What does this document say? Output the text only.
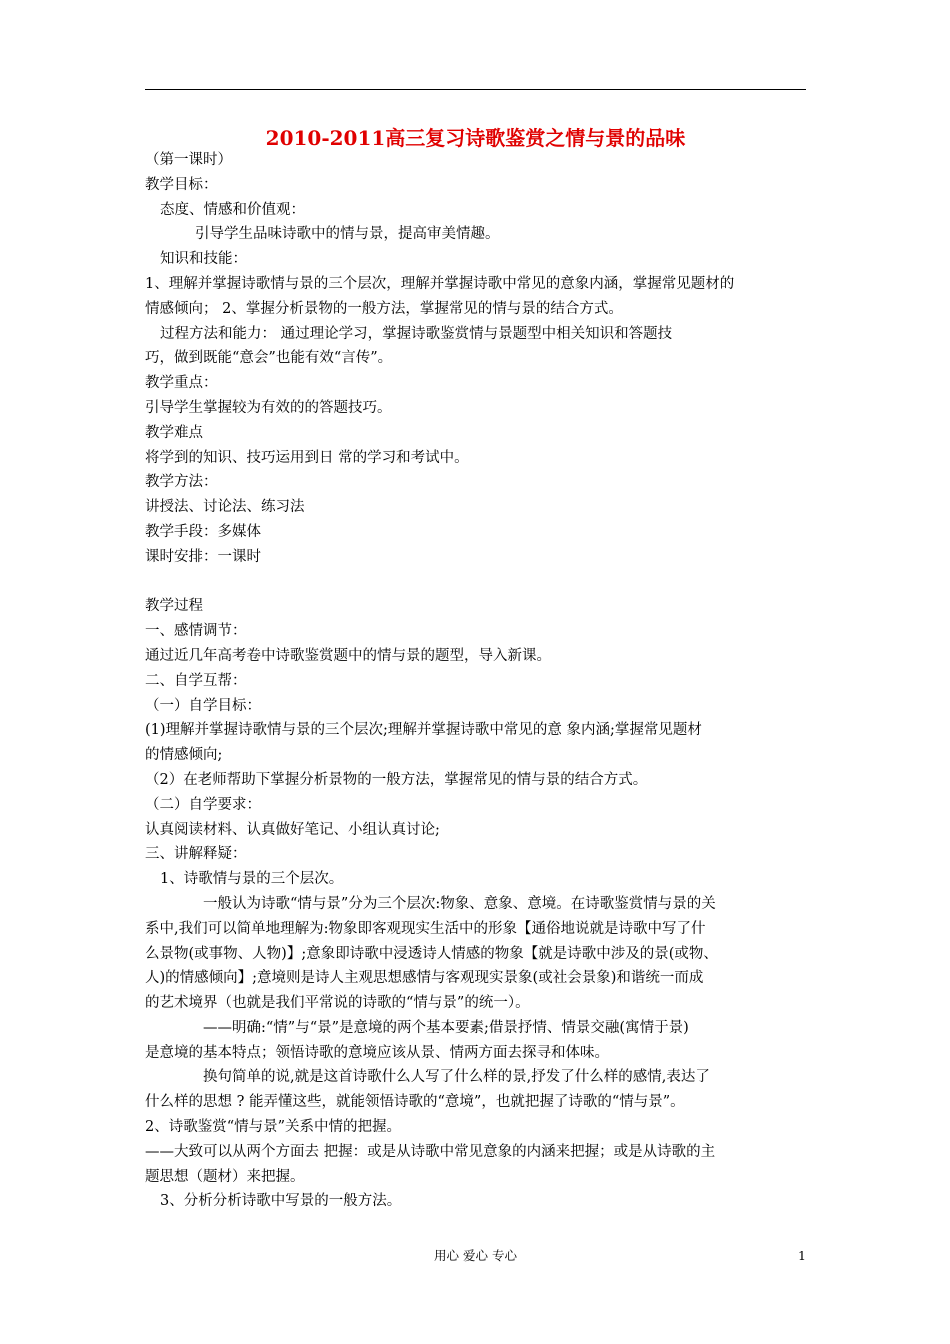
2010-2011高三复习诗歌鉴赏之情与景的品味
（第一课时）
教学目标：
态度、情感和价值观：
引导学生品味诗歌中的情与景，提高审美情趣。
知识和技能：
1、理解并掌握诗歌情与景的三个层次，理解并掌握诗歌中常见的意象内涵，掌握常见题材的
情感倾向； 2、掌握分析景物的一般方法，掌握常见的情与景的结合方式。
过程方法和能力： 通过理论学习，掌握诗歌鉴赏情与景题型中相关知识和答题技
巧，做到既能“意会”也能有效“言传”。
教学重点：
引导学生掌握较为有效的的答题技巧。
教学难点
将学到的知识、技巧运用到日 常的学习和考试中。
教学方法：
讲授法、讨论法、练习法
教学手段：多媒体
课时安排：一课时
教学过程
一、感情调节：
通过近几年高考卷中诗歌鉴赏题中的情与景的题型，导入新课。
二、自学互帮：
（一）自学目标：
(1)理解并掌握诗歌情与景的三个层次;理解并掌握诗歌中常见的意 象内涵;掌握常见题材
的情感倾向;
（2）在老师帮助下掌握分析景物的一般方法，掌握常见的情与景的结合方式。
（二）自学要求：
认真阅读材料、认真做好笔记、小组认真讨论;
三、讲解释疑：
1、诗歌情与景的三个层次。
一般认为诗歌“情与景”分为三个层次:物象、意象、意境。在诗歌鉴赏情与景的关
系中,我们可以简单地理解为:物象即客观现实生活中的形象【通俗地说就是诗歌中写了什
么景物(或事物、人物)】;意象即诗歌中浸透诗人情感的物象【就是诗歌中涉及的景(或物、
人)的情感倾向】;意境则是诗人主观思想感情与客观现实景象(或社会景象)和谐统一而成
的艺术境界（也就是我们平常说的诗歌的“情与景”的统一）。
——明确:“情”与“景”是意境的两个基本要素;借景抒情、情景交融(寓情于景)
是意境的基本特点；领悟诗歌的意境应该从景、情两方面去探寻和体味。
换句简单的说,就是这首诗歌什么人写了什么样的景,抒发了什么样的感情,表达了
什么样的思想 ? 能弄懂这些，就能领悟诗歌的“意境”，也就把握了诗歌的“情与景”。
2、诗歌鉴赏“情与景”关系中情的把握。
——大致可以从两个方面去 把握：或是从诗歌中常见意象的内涵来把握；或是从诗歌的主
题思想（题材）来把握。
3、分析分析诗歌中写景的一般方法。
用心 爱心 专心	1
